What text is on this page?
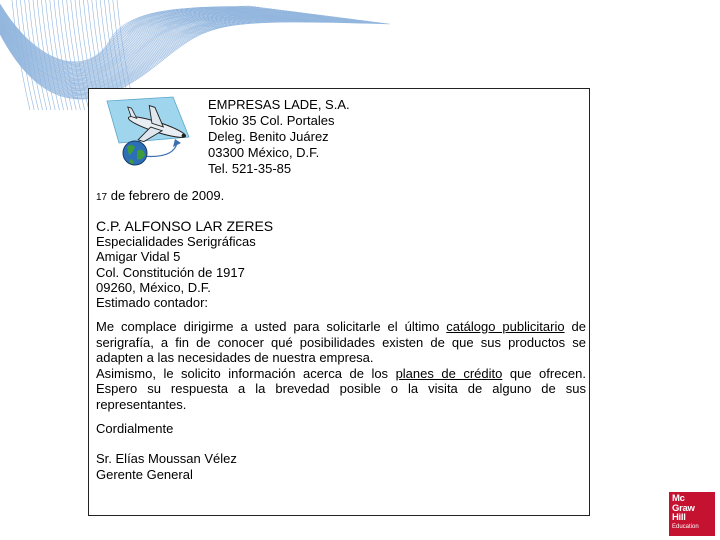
EMPRESAS LADE, S.A.
Tokio 35 Col. Portales
Deleg. Benito Juárez
03300 México, D.F.
Tel. 521-35-85
17 de febrero de 2009.
C.P. ALFONSO LAR ZERES
Especialidades Serigráficas
Amigar Vidal 5
Col. Constitución de 1917
09260, México, D.F.
Estimado contador:

Me complace dirigirme a usted para solicitarle el último catálogo publicitario de serigrafía, a fin de conocer qué posibilidades existen de que sus productos se adapten a las necesidades de nuestra empresa.

Asimismo, le solicito información acerca de los planes de crédito que ofrecen. Espero su respuesta a la brevedad posible o la visita de alguno de sus representantes.

Cordialmente
Sr. Elías Moussan Vélez
Gerente General
Mc
Graw
Hill
Education
